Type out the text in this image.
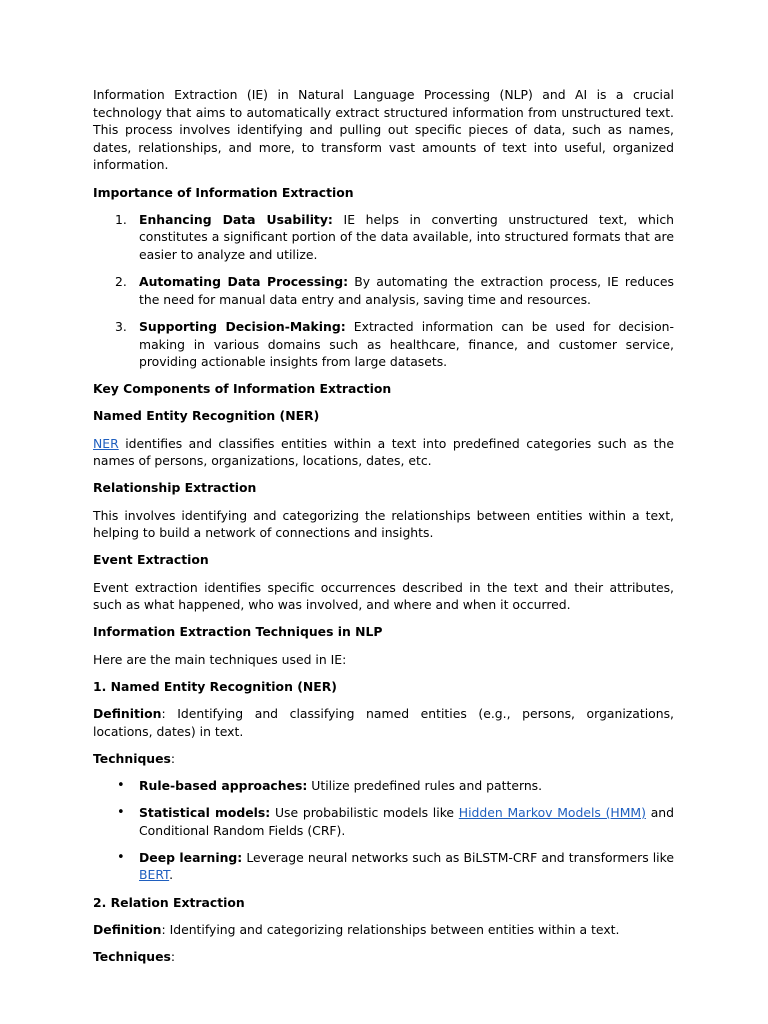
Information Extraction (IE) in Natural Language Processing (NLP) and AI is a crucial technology that aims to automatically extract structured information from unstructured text. This process involves identifying and pulling out specific pieces of data, such as names, dates, relationships, and more, to transform vast amounts of text into useful, organized information.

Importance of Information Extraction

1. Enhancing Data Usability: IE helps in converting unstructured text, which constitutes a significant portion of the data available, into structured formats that are easier to analyze and utilize.
2. Automating Data Processing: By automating the extraction process, IE reduces the need for manual data entry and analysis, saving time and resources.
3. Supporting Decision-Making: Extracted information can be used for decision-making in various domains such as healthcare, finance, and customer service, providing actionable insights from large datasets.

Key Components of Information Extraction

Named Entity Recognition (NER)

NER identifies and classifies entities within a text into predefined categories such as the names of persons, organizations, locations, dates, etc.

Relationship Extraction

This involves identifying and categorizing the relationships between entities within a text, helping to build a network of connections and insights.

Event Extraction

Event extraction identifies specific occurrences described in the text and their attributes, such as what happened, who was involved, and where and when it occurred.

Information Extraction Techniques in NLP

Here are the main techniques used in IE:

1. Named Entity Recognition (NER)

Definition: Identifying and classifying named entities (e.g., persons, organizations, locations, dates) in text.

Techniques:

• Rule-based approaches: Utilize predefined rules and patterns.
• Statistical models: Use probabilistic models like Hidden Markov Models (HMM) and Conditional Random Fields (CRF).
• Deep learning: Leverage neural networks such as BiLSTM-CRF and transformers like BERT.

2. Relation Extraction

Definition: Identifying and categorizing relationships between entities within a text.

Techniques:
